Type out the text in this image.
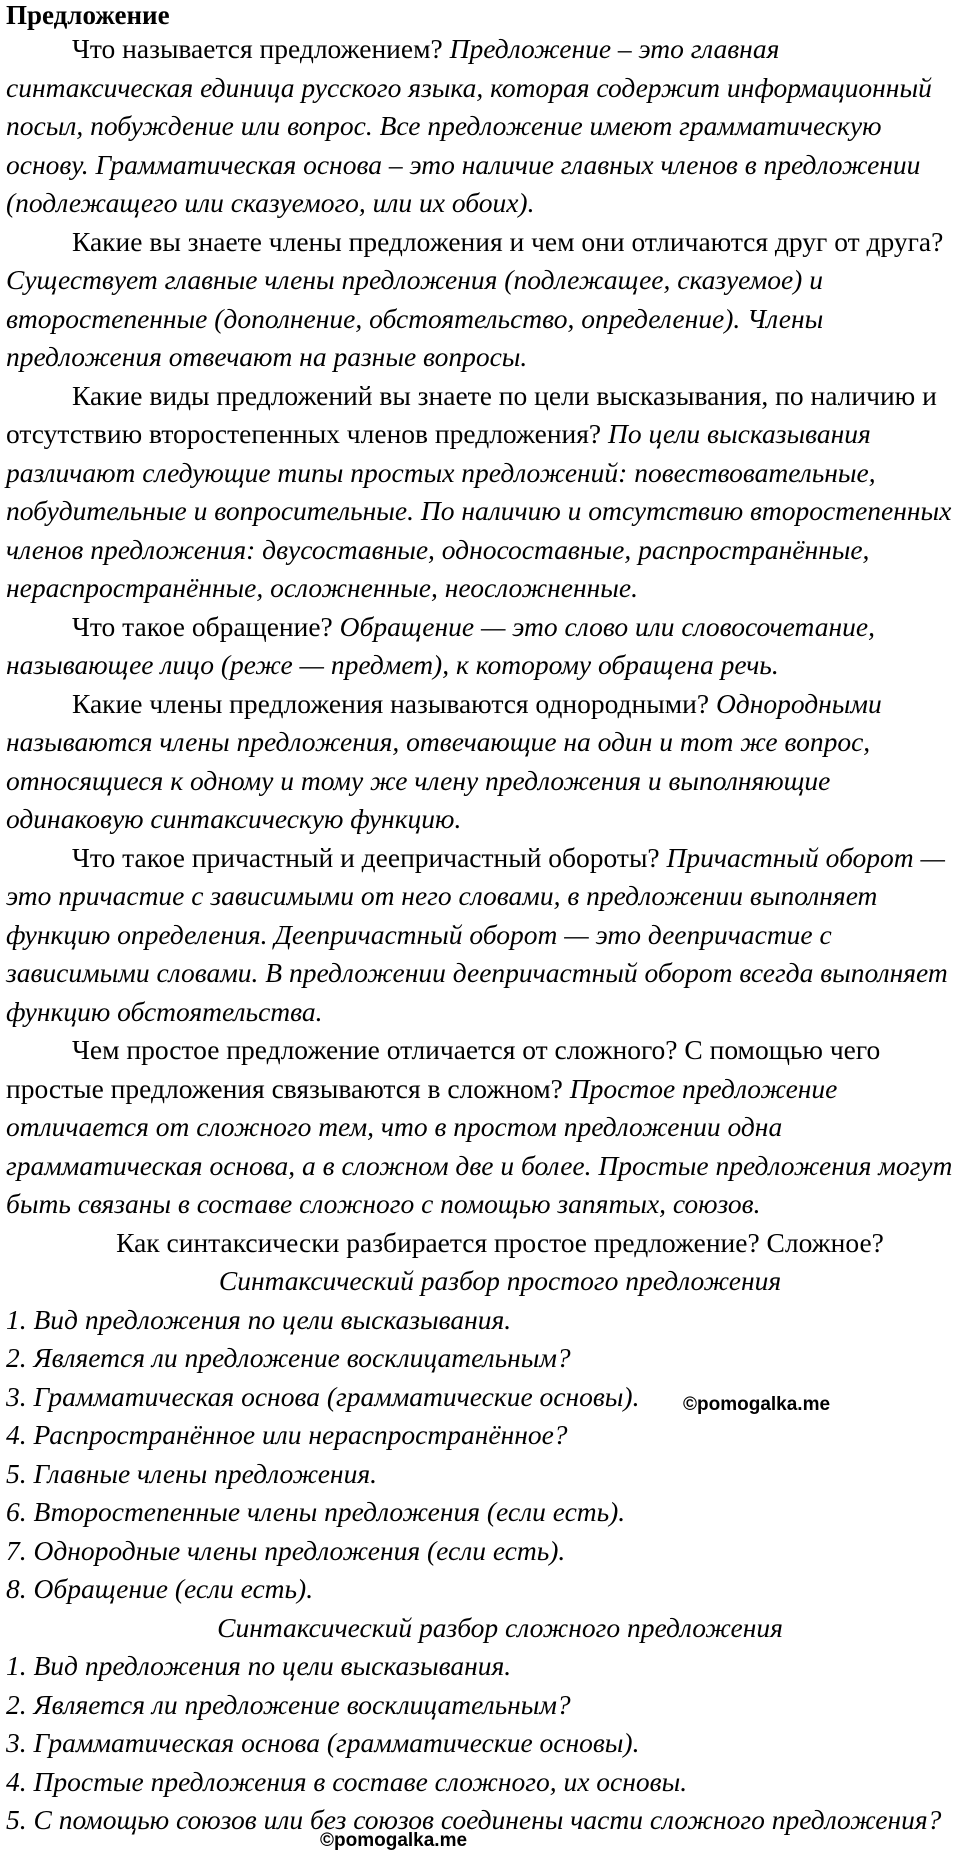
Предложение

Что называется предложением? Предложение – это главная синтаксическая единица русского языка, которая содержит информационный посыл, побуждение или вопрос. Все предложение имеют грамматическую основу. Грамматическая основа – это наличие главных членов в предложении (подлежащего или сказуемого, или их обоих).

Какие вы знаете члены предложения и чем они отличаются друг от друга? Существует главные члены предложения (подлежащее, сказуемое) и второстепенные (дополнение, обстоятельство, определение). Члены предложения отвечают на разные вопросы.

Какие виды предложений вы знаете по цели высказывания, по наличию и отсутствию второстепенных членов предложения? По цели высказывания различают следующие типы простых предложений: повествовательные, побудительные и вопросительные. По наличию и отсутствию второстепенных членов предложения: двусоставные, односоставные, распространённые, нераспространённые, осложненные, неосложненные.

Что такое обращение? Обращение — это слово или словосочетание, называющее лицо (реже — предмет), к которому обращена речь.

Какие члены предложения называются однородными? Однородными называются члены предложения, отвечающие на один и тот же вопрос, относящиеся к одному и тому же члену предложения и выполняющие одинаковую синтаксическую функцию.

Что такое причастный и деепричастный обороты? Причастный оборот — это причастие с зависимыми от него словами, в предложении выполняет функцию определения. Деепричастный оборот — это деепричастие с зависимыми словами. В предложении деепричастный оборот всегда выполняет функцию обстоятельства.

Чем простое предложение отличается от сложного? С помощью чего простые предложения связываются в сложном? Простое предложение отличается от сложного тем, что в простом предложении одна грамматическая основа, а в сложном две и более. Простые предложения могут быть связаны в составе сложного с помощью запятых, союзов.

Как синтаксически разбирается простое предложение? Сложное?

Синтаксический разбор простого предложения

1. Вид предложения по цели высказывания.
2. Является ли предложение восклицательным?
3. Грамматическая основа (грамматические основы).
4. Распространённое или нераспространённое?
5. Главные члены предложения.
6. Второстепенные члены предложения (если есть).
7. Однородные члены предложения (если есть).
8. Обращение (если есть).

Синтаксический разбор сложного предложения

1. Вид предложения по цели высказывания.
2. Является ли предложение восклицательным?
3. Грамматическая основа (грамматические основы).
4. Простые предложения в составе сложного, их основы.
5. С помощью союзов или без союзов соединены части сложного предложения?
©pomogalka.me
©pomogalka.me
